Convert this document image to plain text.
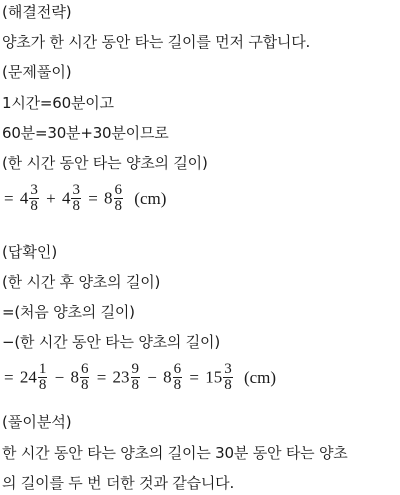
(해결전략)
양초가 한 시간 동안 타는 길이를 먼저 구합니다.
(문제풀이)
1시간=60분이고
60분=30분+30분이므로
(한 시간 동안 타는 양초의 길이)
= $4 \frac{3}{8} + 4 \frac{3}{8} = 8 \frac{6}{8} (cm)$
(답확인)
(한 시간 후 양초의 길이)
=(처음 양초의 길이)
−(한 시간 동안 타는 양초의 길이)
= $24 \frac{1}{8} - 8 \frac{6}{8} = 23 \frac{9}{8} - 8 \frac{6}{8} = 15 \frac{3}{8} (cm)$
(풀이분석)
한 시간 동안 타는 양초의 길이는 30분 동안 타는 양초
의 길이를 두 번 더한 것과 같습니다.
